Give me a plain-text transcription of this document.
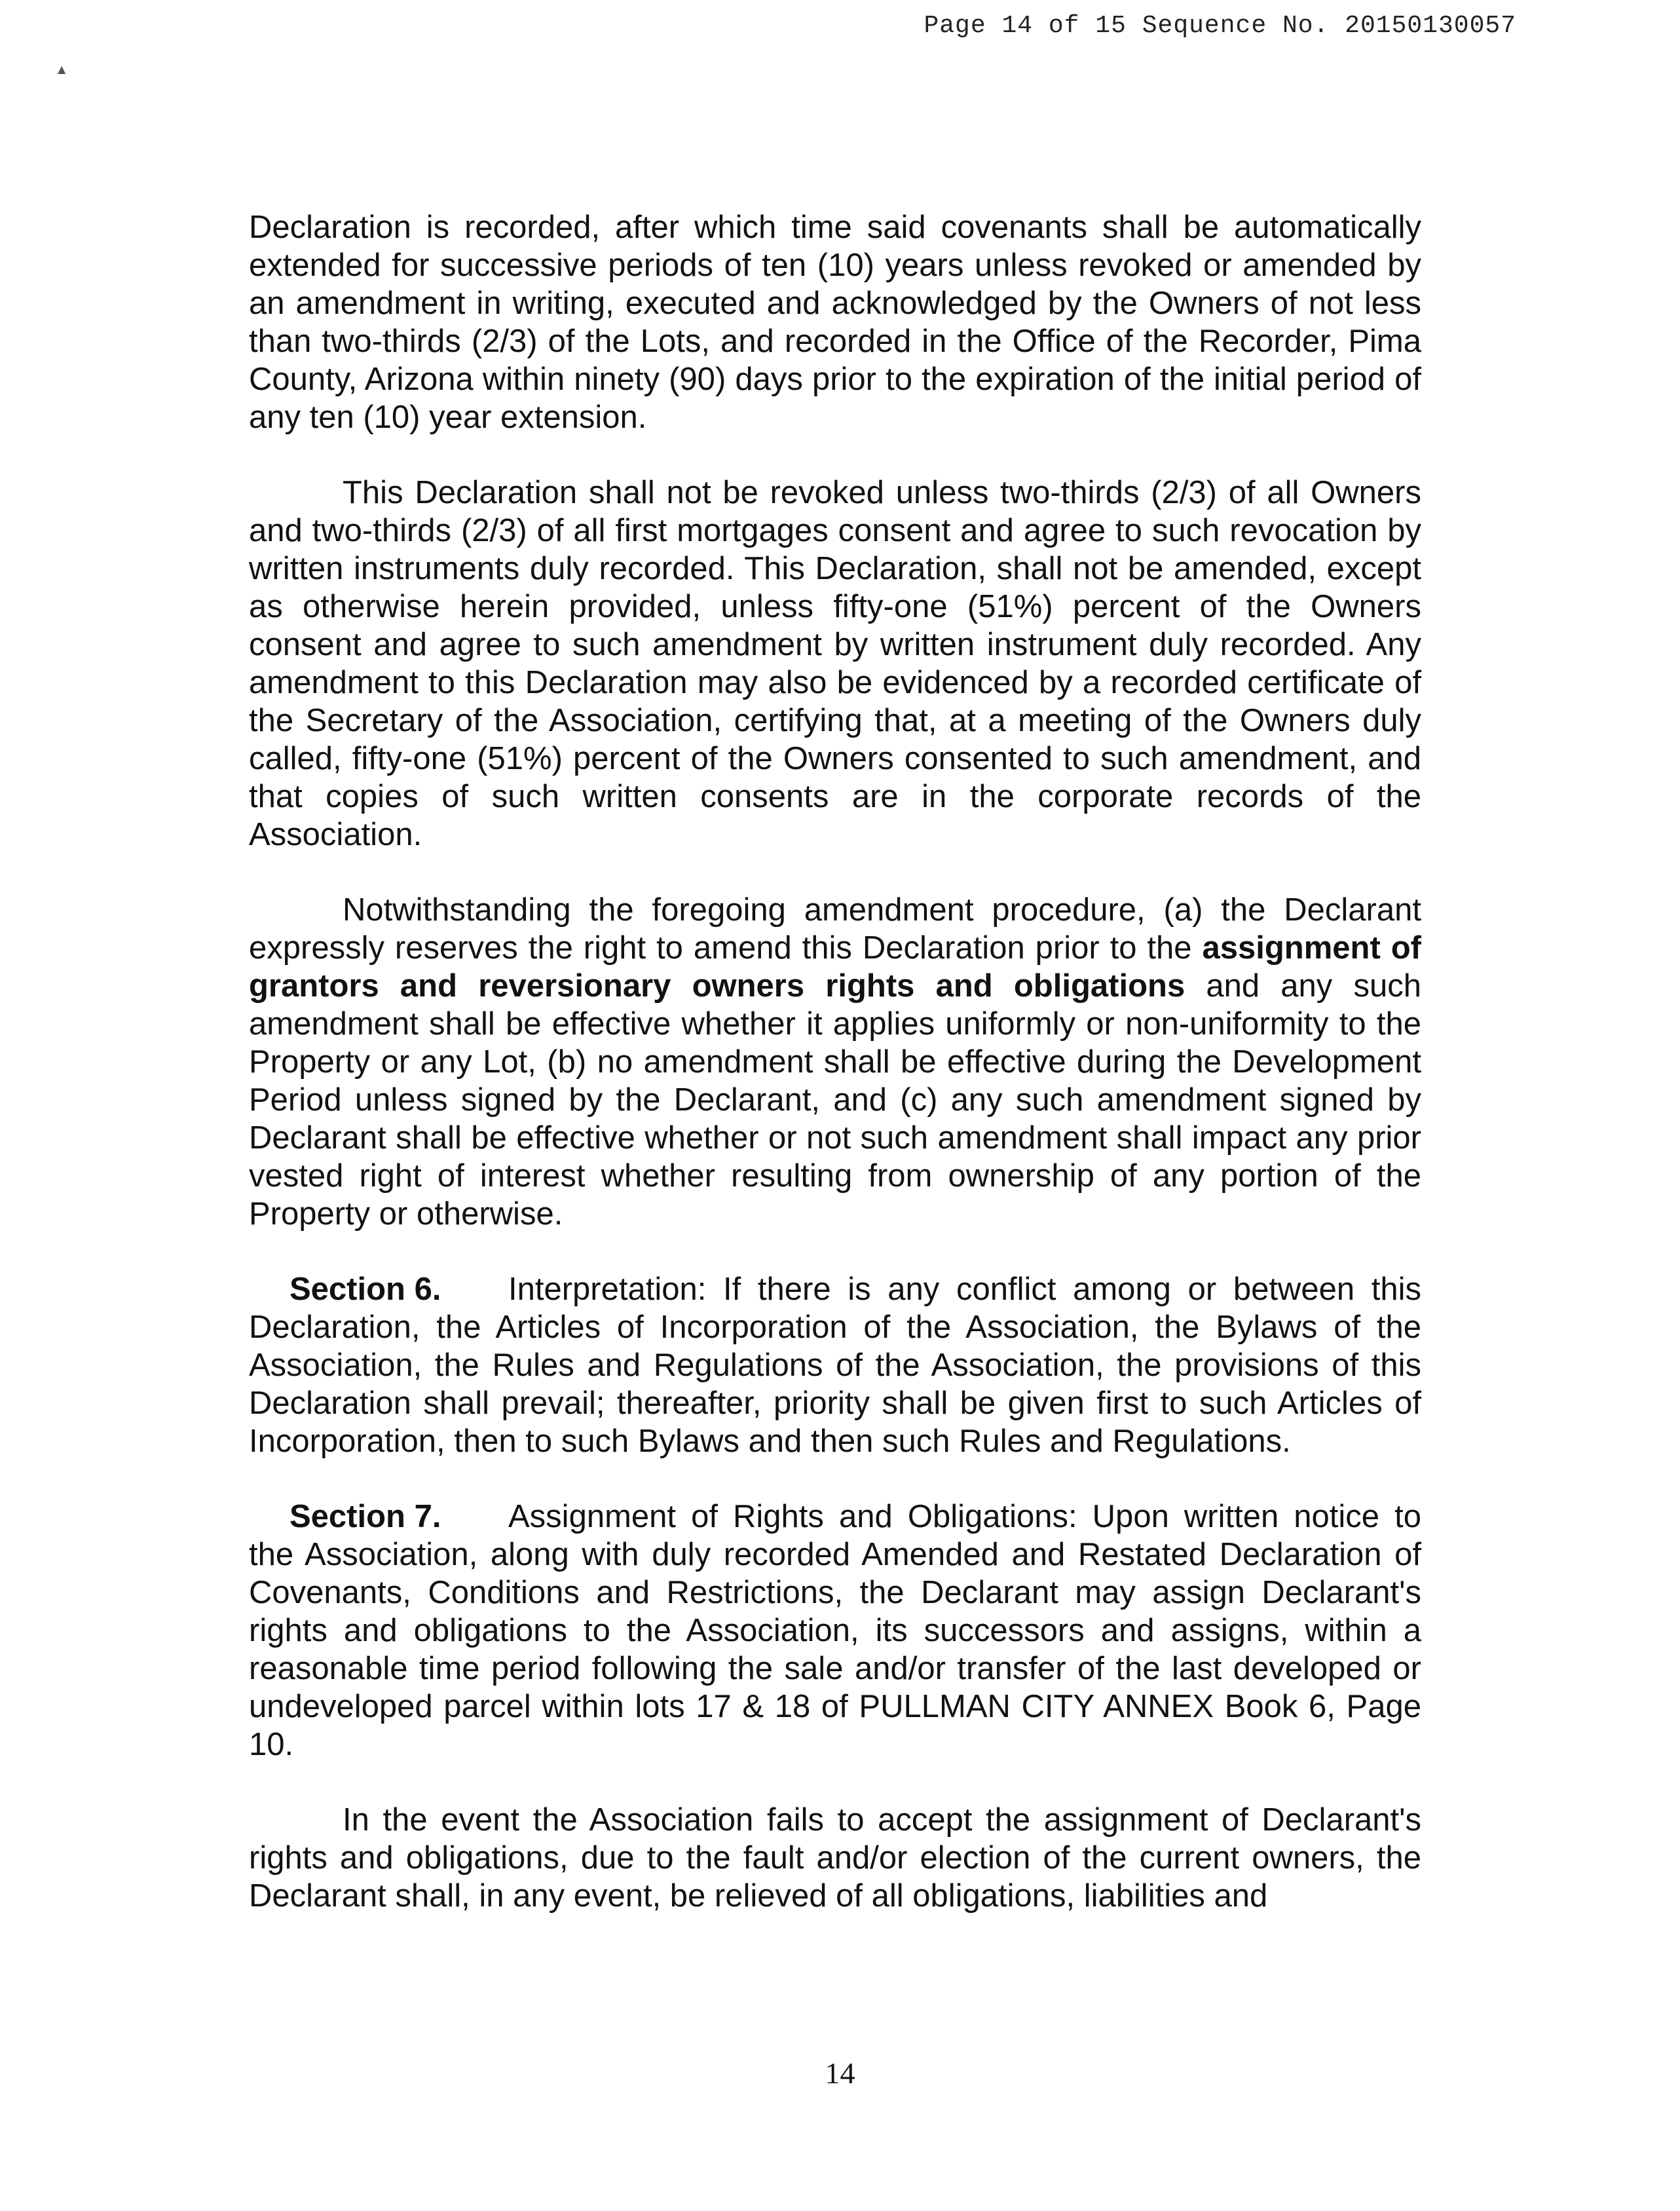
Page 14 of 15 Sequence No. 20150130057
▲

Declaration is recorded, after which time said covenants shall be automatically extended for successive periods of ten (10) years unless revoked or amended by an amendment in writing, executed and acknowledged by the Owners of not less than two-thirds (2/3) of the Lots, and recorded in the Office of the Recorder, Pima County, Arizona within ninety (90) days prior to the expiration of the initial period of any ten (10) year extension.

This Declaration shall not be revoked unless two-thirds (2/3) of all Owners and two-thirds (2/3) of all first mortgages consent and agree to such revocation by written instruments duly recorded. This Declaration, shall not be amended, except as otherwise herein provided, unless fifty-one (51%) percent of the Owners consent and agree to such amendment by written instrument duly recorded. Any amendment to this Declaration may also be evidenced by a recorded certificate of the Secretary of the Association, certifying that, at a meeting of the Owners duly called, fifty-one (51%) percent of the Owners consented to such amendment, and that copies of such written consents are in the corporate records of the Association.

Notwithstanding the foregoing amendment procedure, (a) the Declarant expressly reserves the right to amend this Declaration prior to the assignment of grantors and reversionary owners rights and obligations and any such amendment shall be effective whether it applies uniformly or non-uniformity to the Property or any Lot, (b) no amendment shall be effective during the Development Period unless signed by the Declarant, and (c) any such amendment signed by Declarant shall be effective whether or not such amendment shall impact any prior vested right of interest whether resulting from ownership of any portion of the Property or otherwise.

Section 6. Interpretation: If there is any conflict among or between this Declaration, the Articles of Incorporation of the Association, the Bylaws of the Association, the Rules and Regulations of the Association, the provisions of this Declaration shall prevail; thereafter, priority shall be given first to such Articles of Incorporation, then to such Bylaws and then such Rules and Regulations.

Section 7. Assignment of Rights and Obligations: Upon written notice to the Association, along with duly recorded Amended and Restated Declaration of Covenants, Conditions and Restrictions, the Declarant may assign Declarant's rights and obligations to the Association, its successors and assigns, within a reasonable time period following the sale and/or transfer of the last developed or undeveloped parcel within lots 17 & 18 of PULLMAN CITY ANNEX Book 6, Page 10.

In the event the Association fails to accept the assignment of Declarant's rights and obligations, due to the fault and/or election of the current owners, the Declarant shall, in any event, be relieved of all obligations, liabilities and

14
